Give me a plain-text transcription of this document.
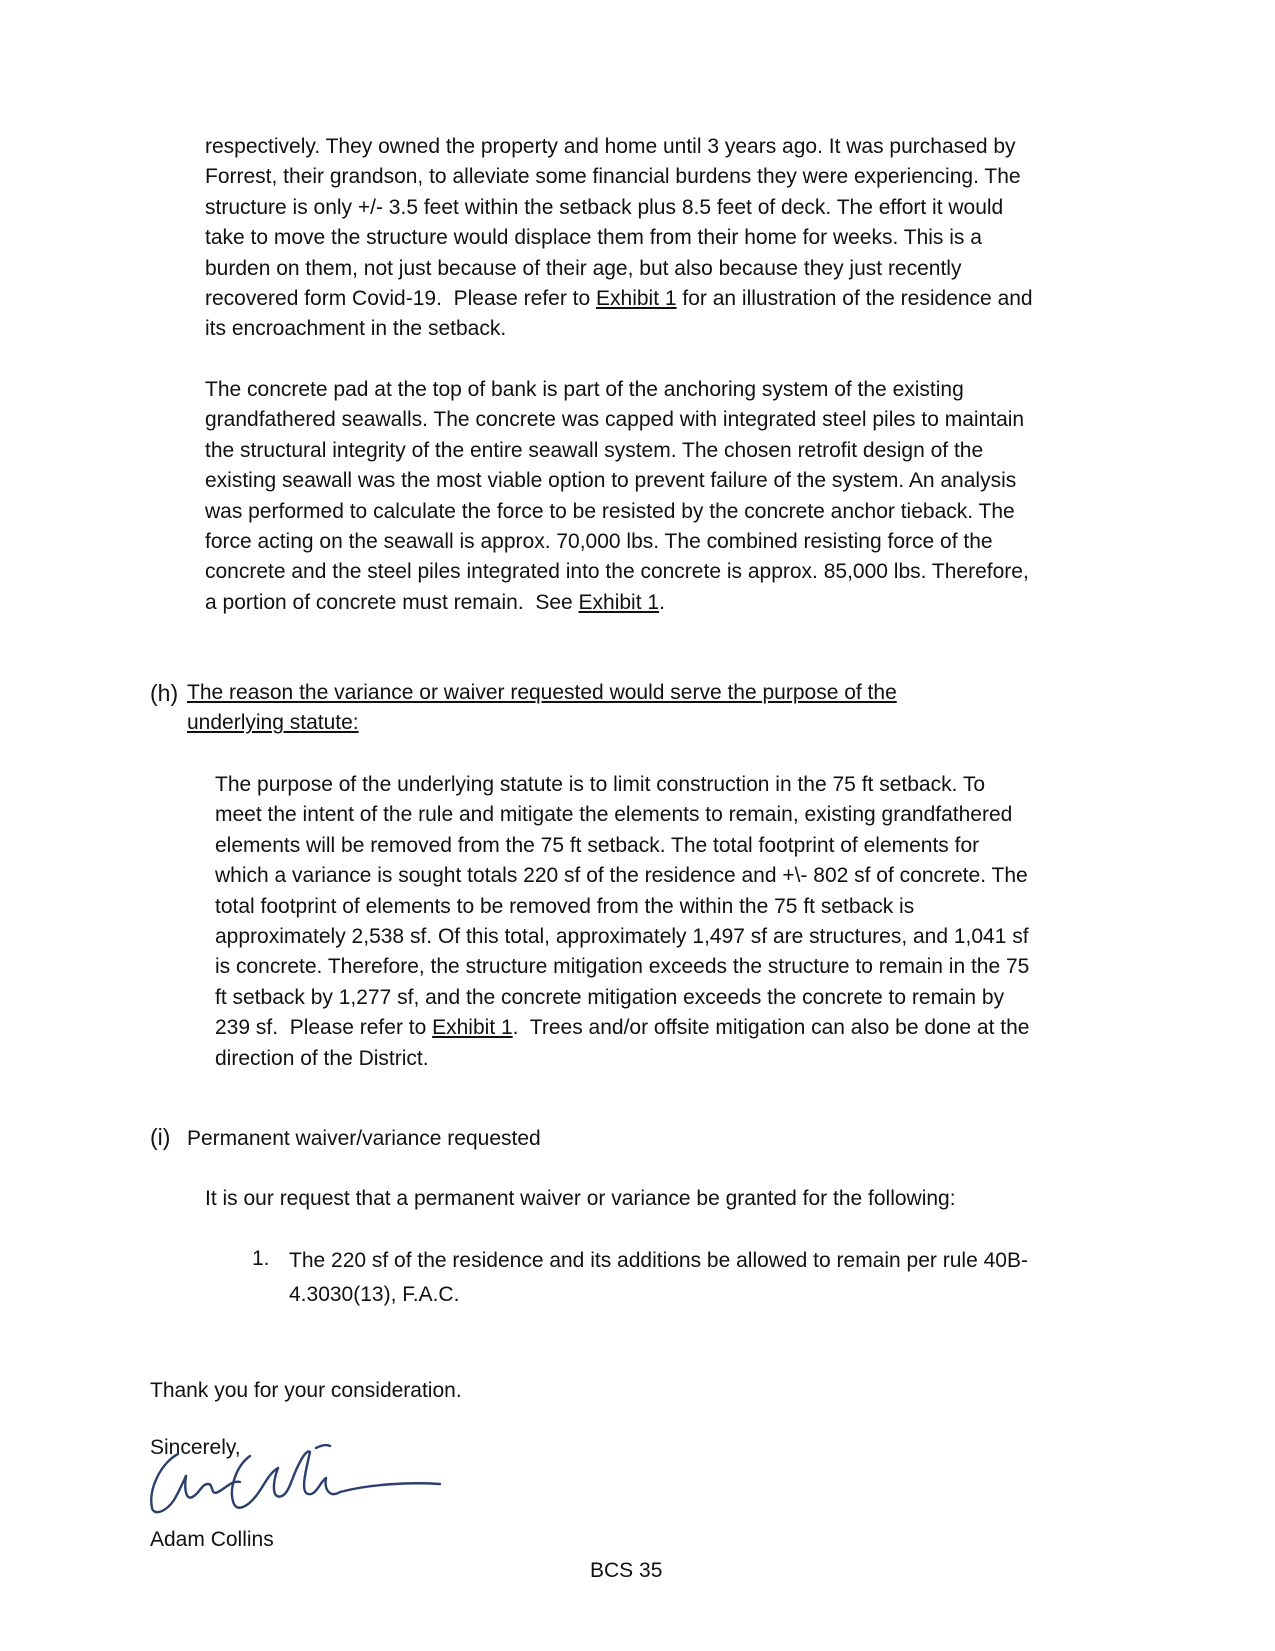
respectively. They owned the property and home until 3 years ago. It was purchased by
Forrest, their grandson, to alleviate some financial burdens they were experiencing. The
structure is only +/- 3.5 feet within the setback plus 8.5 feet of deck. The effort it would
take to move the structure would displace them from their home for weeks. This is a
burden on them, not just because of their age, but also because they just recently
recovered form Covid-19.  Please refer to Exhibit 1 for an illustration of the residence and
its encroachment in the setback.

The concrete pad at the top of bank is part of the anchoring system of the existing
grandfathered seawalls. The concrete was capped with integrated steel piles to maintain
the structural integrity of the entire seawall system. The chosen retrofit design of the
existing seawall was the most viable option to prevent failure of the system. An analysis
was performed to calculate the force to be resisted by the concrete anchor tieback. The
force acting on the seawall is approx. 70,000 lbs. The combined resisting force of the
concrete and the steel piles integrated into the concrete is approx. 85,000 lbs. Therefore,
a portion of concrete must remain.  See Exhibit 1.

(h) The reason the variance or waiver requested would serve the purpose of the
underlying statute:

The purpose of the underlying statute is to limit construction in the 75 ft setback. To
meet the intent of the rule and mitigate the elements to remain, existing grandfathered
elements will be removed from the 75 ft setback. The total footprint of elements for
which a variance is sought totals 220 sf of the residence and +\- 802 sf of concrete. The
total footprint of elements to be removed from the within the 75 ft setback is
approximately 2,538 sf. Of this total, approximately 1,497 sf are structures, and 1,041 sf
is concrete. Therefore, the structure mitigation exceeds the structure to remain in the 75
ft setback by 1,277 sf, and the concrete mitigation exceeds the concrete to remain by
239 sf.  Please refer to Exhibit 1.  Trees and/or offsite mitigation can also be done at the
direction of the District.

(i) Permanent waiver/variance requested
It is our request that a permanent waiver or variance be granted for the following:
1. The 220 sf of the residence and its additions be allowed to remain per rule 40B-
4.3030(13), F.A.C.
Thank you for your consideration.
Sincerely,
Adam Collins
BCS 35
